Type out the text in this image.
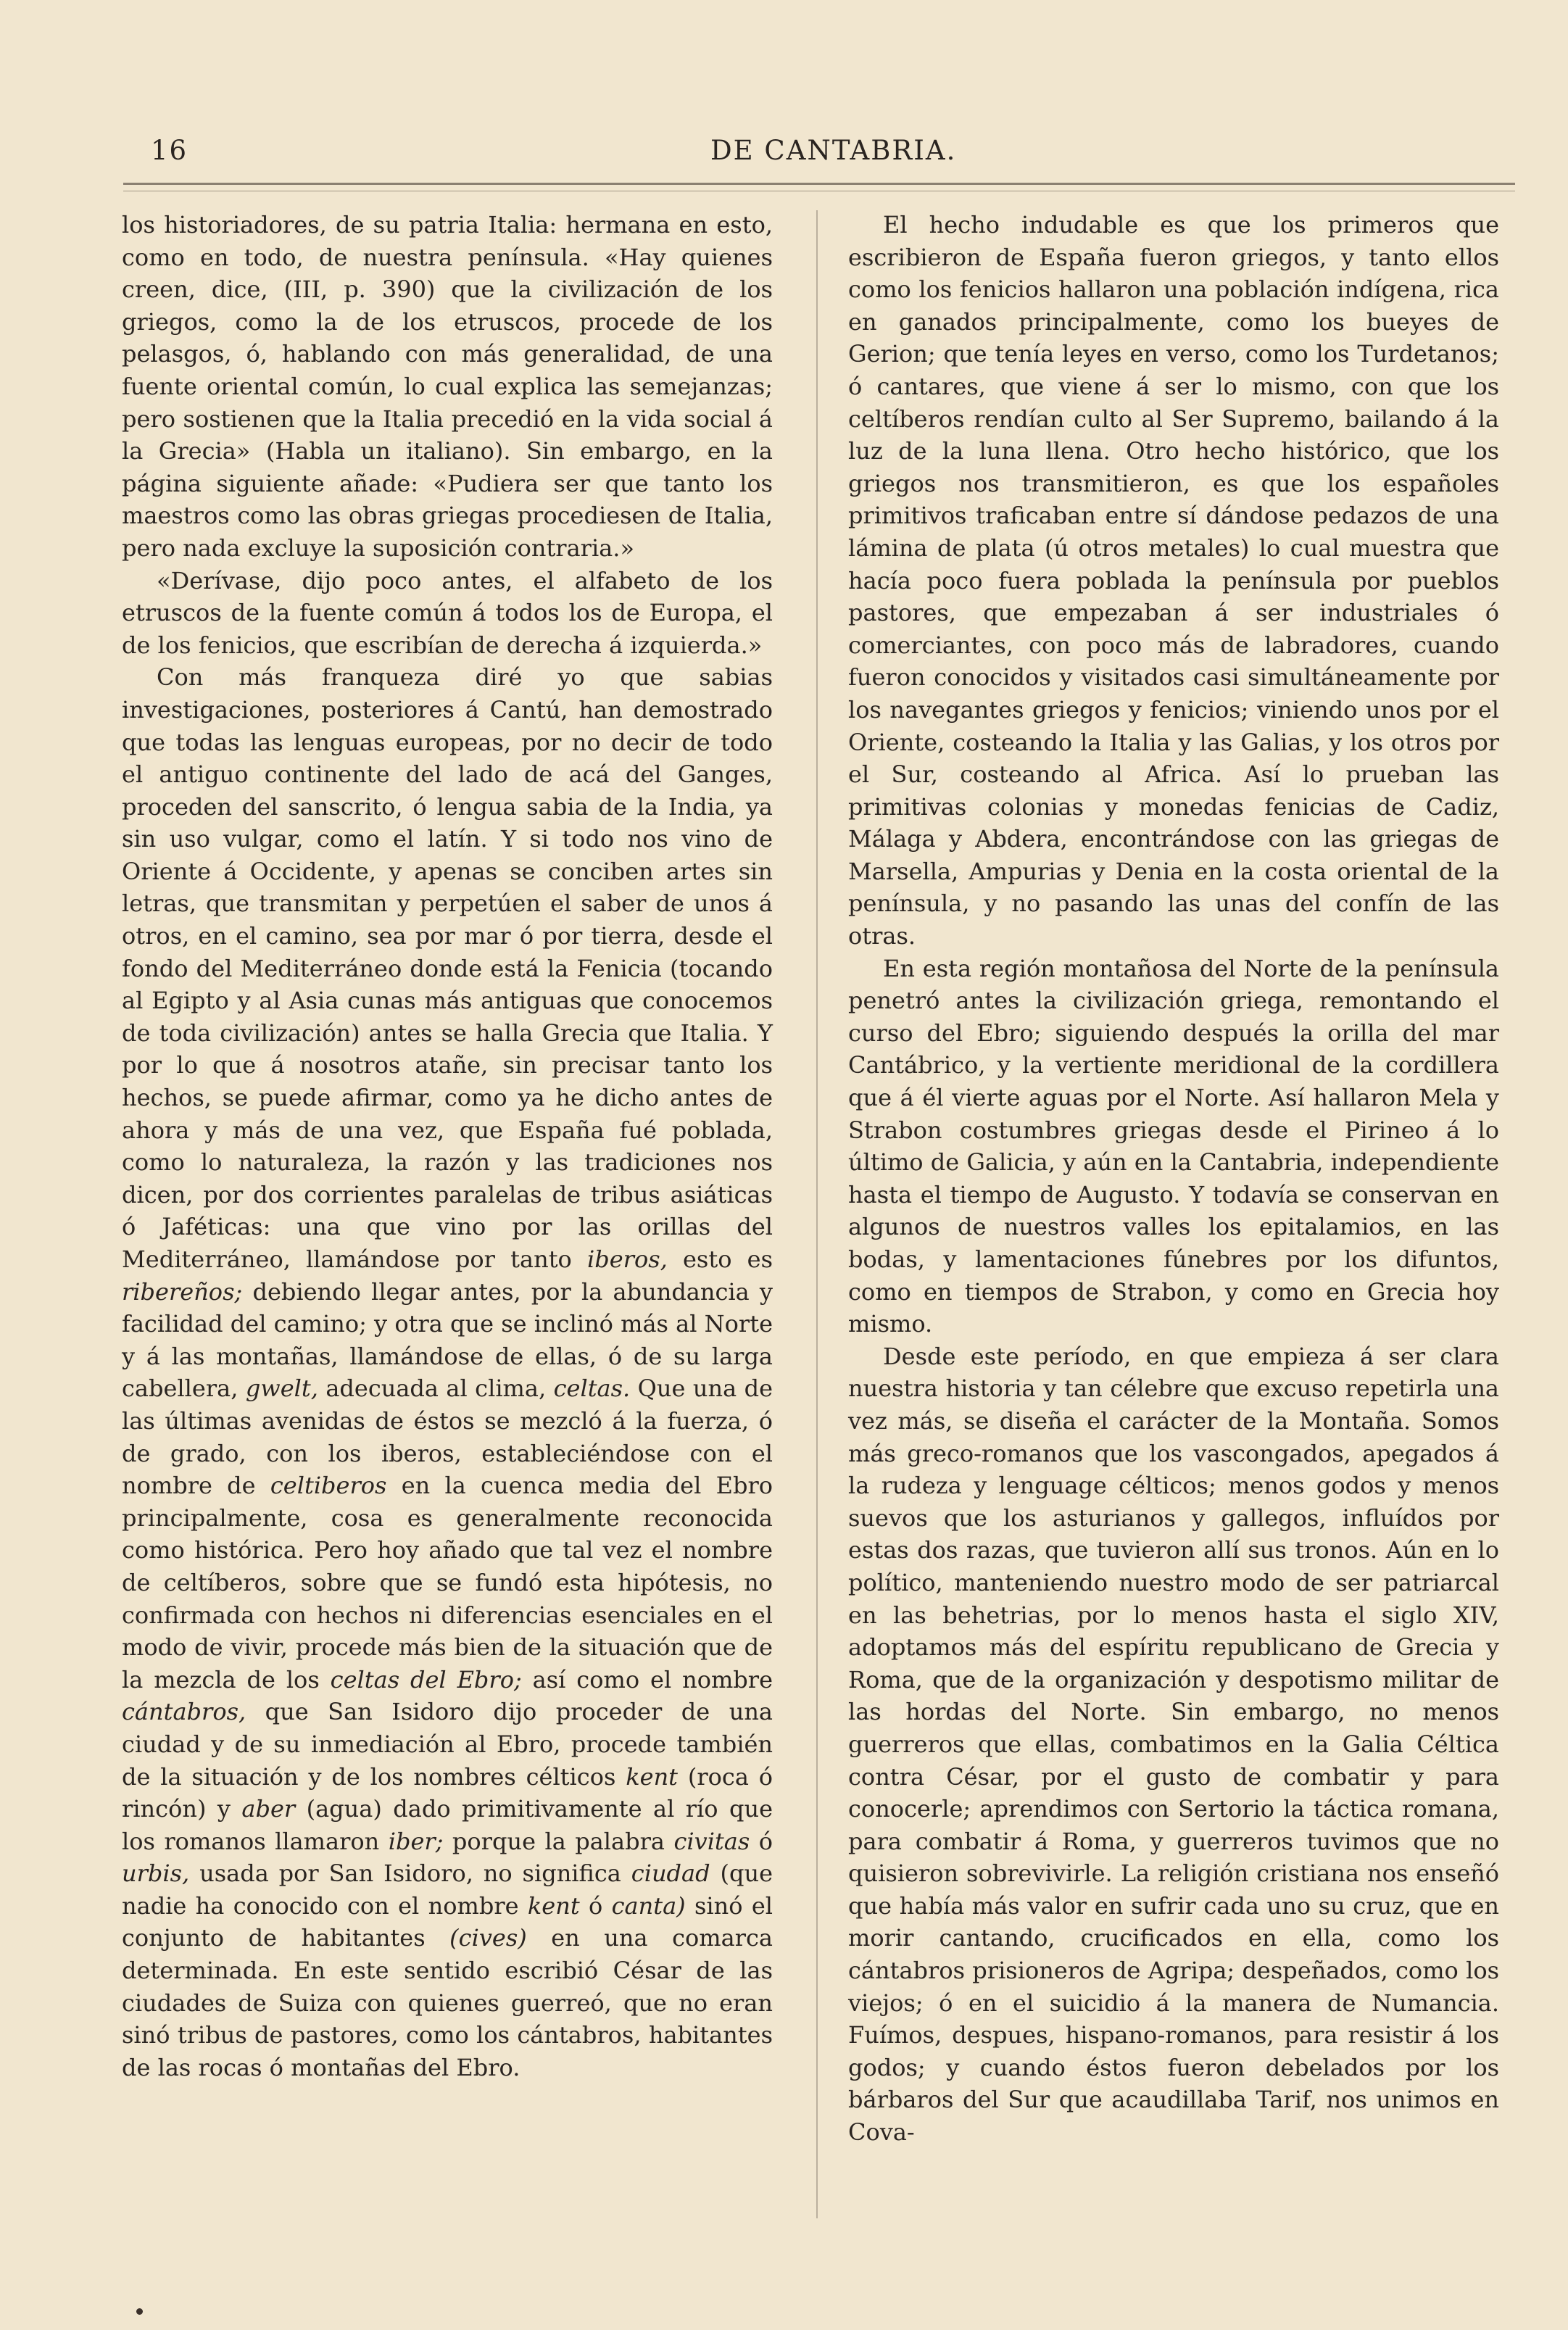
16	DE CANTABRIA.

los historiadores, de su patria Italia: hermana en esto, como en todo, de nuestra península. «Hay quienes creen, dice, (III, p. 390) que la civilización de los griegos, como la de los etruscos, procede de los pelasgos, ó, hablando con más generalidad, de una fuente oriental común, lo cual explica las semejanzas; pero sostienen que la Italia precedió en la vida social á la Grecia» (Habla un italiano). Sin embargo, en la página siguiente añade: «Pudiera ser que tanto los maestros como las obras griegas procediesen de Italia, pero nada excluye la suposición contraria.»

«Derívase, dijo poco antes, el alfabeto de los etruscos de la fuente común á todos los de Europa, el de los fenicios, que escribían de derecha á izquierda.»

Con más franqueza diré yo que sabias investigaciones, posteriores á Cantú, han demostrado que todas las lenguas europeas, por no decir de todo el antiguo continente del lado de acá del Ganges, proceden del sanscrito, ó lengua sabia de la India, ya sin uso vulgar, como el latín. Y si todo nos vino de Oriente á Occidente, y apenas se conciben artes sin letras, que transmitan y perpetúen el saber de unos á otros, en el camino, sea por mar ó por tierra, desde el fondo del Mediterráneo donde está la Fenicia (tocando al Egipto y al Asia cunas más antiguas que conocemos de toda civilización) antes se halla Grecia que Italia. Y por lo que á nosotros atañe, sin precisar tanto los hechos, se puede afirmar, como ya he dicho antes de ahora y más de una vez, que España fué poblada, como lo naturaleza, la razón y las tradiciones nos dicen, por dos corrientes paralelas de tribus asiáticas ó Jaféticas: una que vino por las orillas del Mediterráneo, llamándose por tanto iberos, esto es ribereños; debiendo llegar antes, por la abundancia y facilidad del camino; y otra que se inclinó más al Norte y á las montañas, llamándose de ellas, ó de su larga cabellera, gwelt, adecuada al clima, celtas. Que una de las últimas avenidas de éstos se mezcló á la fuerza, ó de grado, con los iberos, estableciéndose con el nombre de celtiberos en la cuenca media del Ebro principalmente, cosa es generalmente reconocida como histórica. Pero hoy añado que tal vez el nombre de celtíberos, sobre que se fundó esta hipótesis, no confirmada con hechos ni diferencias esenciales en el modo de vivir, procede más bien de la situación que de la mezcla de los celtas del Ebro; así como el nombre cántabros, que San Isidoro dijo proceder de una ciudad y de su inmediación al Ebro, procede también de la situación y de los nombres célticos kent (roca ó rincón) y aber (agua) dado primitivamente al río que los romanos llamaron iber; porque la palabra civitas ó urbis, usada por San Isidoro, no significa ciudad (que nadie ha conocido con el nombre kent ó canta) sinó el conjunto de habitantes (cives) en una comarca determinada. En este sentido escribió César de las ciudades de Suiza con quienes guerreó, que no eran sinó tribus de pastores, como los cántabros, habitantes de las rocas ó montañas del Ebro.

El hecho indudable es que los primeros que escribieron de España fueron griegos, y tanto ellos como los fenicios hallaron una población indígena, rica en ganados principalmente, como los bueyes de Gerion; que tenía leyes en verso, como los Turdetanos; ó cantares, que viene á ser lo mismo, con que los celtíberos rendían culto al Ser Supremo, bailando á la luz de la luna llena. Otro hecho histórico, que los griegos nos transmitieron, es que los españoles primitivos traficaban entre sí dándose pedazos de una lámina de plata (ú otros metales) lo cual muestra que hacía poco fuera poblada la península por pueblos pastores, que empezaban á ser industriales ó comerciantes, con poco más de labradores, cuando fueron conocidos y visitados casi simultáneamente por los navegantes griegos y fenicios; viniendo unos por el Oriente, costeando la Italia y las Galias, y los otros por el Sur, costeando al Africa. Así lo prueban las primitivas colonias y monedas fenicias de Cadiz, Málaga y Abdera, encontrándose con las griegas de Marsella, Ampurias y Denia en la costa oriental de la península, y no pasando las unas del confín de las otras.

En esta región montañosa del Norte de la península penetró antes la civilización griega, remontando el curso del Ebro; siguiendo después la orilla del mar Cantábrico, y la vertiente meridional de la cordillera que á él vierte aguas por el Norte. Así hallaron Mela y Strabon costumbres griegas desde el Pirineo á lo último de Galicia, y aún en la Cantabria, independiente hasta el tiempo de Augusto. Y todavía se conservan en algunos de nuestros valles los epitalamios, en las bodas, y lamentaciones fúnebres por los difuntos, como en tiempos de Strabon, y como en Grecia hoy mismo.

Desde este período, en que empieza á ser clara nuestra historia y tan célebre que excuso repetirla una vez más, se diseña el carácter de la Montaña. Somos más greco-romanos que los vascongados, apegados á la rudeza y lenguage célticos; menos godos y menos suevos que los asturianos y gallegos, influídos por estas dos razas, que tuvieron allí sus tronos. Aún en lo político, manteniendo nuestro modo de ser patriarcal en las behetrias, por lo menos hasta el siglo XIV, adoptamos más del espíritu republicano de Grecia y Roma, que de la organización y despotismo militar de las hordas del Norte. Sin embargo, no menos guerreros que ellas, combatimos en la Galia Céltica contra César, por el gusto de combatir y para conocerle; aprendimos con Sertorio la táctica romana, para combatir á Roma, y guerreros tuvimos que no quisieron sobrevivirle. La religión cristiana nos enseñó que había más valor en sufrir cada uno su cruz, que en morir cantando, crucificados en ella, como los cántabros prisioneros de Agripa; despeñados, como los viejos; ó en el suicidio á la manera de Numancia. Fuímos, despues, hispano-romanos, para resistir á los godos; y cuando éstos fueron debelados por los bárbaros del Sur que acaudillaba Tarif, nos unimos en Cova-
